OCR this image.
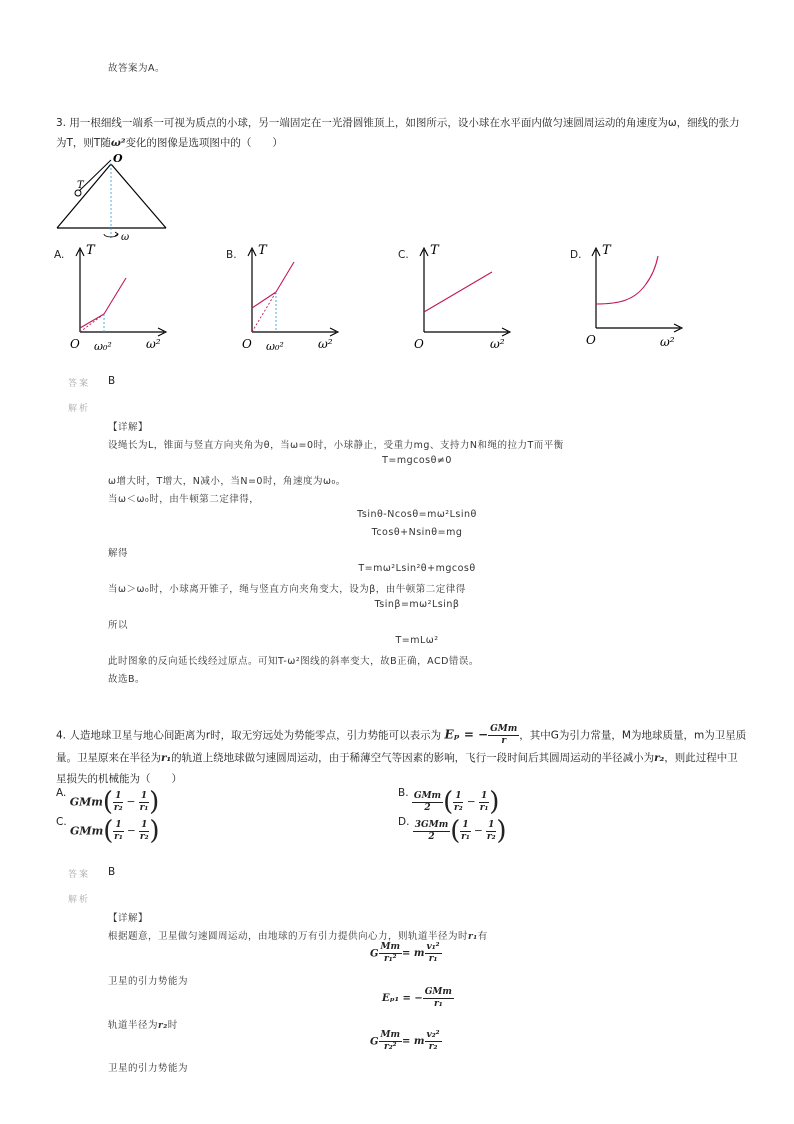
故答案为A。
3. 用一根细线一端系一可视为质点的小球，另一端固定在一光滑圆锥顶上，如图所示，设小球在水平面内做匀速圆周运动的角速度为ω，细线的张力
为T，则T随ω²变化的图像是选项图中的（　　）
O
T
ω
A. T
O ω₀²	ω²
B. T
O ω₀²	ω²
C. T
O	ω²
D. T
O	ω²
答案 B
解析
【详解】
设绳长为L，锥面与竖直方向夹角为θ，当ω=0时，小球静止，受重力mg、支持力N和绳的拉力T而平衡
T=mgcosθ≠0
ω增大时，T增大，N减小，当N=0时，角速度为ω₀。
当ω＜ω₀时，由牛顿第二定律得，
Tsinθ-Ncosθ=mω²Lsinθ
Tcosθ+Nsinθ=mg
解得
T=mω²Lsin²θ+mgcosθ
当ω＞ω₀时，小球离开锥子，绳与竖直方向夹角变大，设为β，由牛顿第二定律得
Tsinβ=mω²Lsinβ
所以
T=mLω²
此时图象的反向延长线经过原点。可知T-ω²图线的斜率变大，故B正确，ACD错误。
故选B。
4. 人造地球卫星与地心间距离为r时，取无穷远处为势能零点，引力势能可以表示为 Eₚ = − $\frac{\text{GMm}}{r}$ ，其中G为引力常量，M为地球质量，m为卫星质
量。卫星原来在半径为r₁的轨道上绕地球做匀速圆周运动，由于稀薄空气等因素的影响，飞行一段时间后其圆周运动的半径减小为r₂，则此过程中卫
星损失的机械能为（　　）
A. $GMm( \frac{1}{\text{r₂}} - \frac{1}{\text{r₁}}$ )	B. $\frac{\text{GMm}}{2}$ ( $\frac{1}{\text{r₂}} - \frac{1}{\text{r₁}}$ )
C. $GMm( \frac{1}{\text{r₁}} - \frac{1}{\text{r₂}}$ )	D. $\frac{\text{3GMm}}{2}$ ( $\frac{1}{\text{r₁}} - \frac{1}{\text{r₂}}$ )
答案 B
解析
【详解】
根据题意，卫星做匀速圆周运动，由地球的万有引力提供向心力，则轨道半径为时r₁有
G $\frac{Mm}{\text{r₁²}} = m \frac{\text{v₁²}}{\text{r₁}}$
卫星的引力势能为
Eₚ₁ = − $\frac{\text{GMm}}{\text{r₁}}$
轨道半径为r₂时
G $\frac{Mm}{\text{r₂²}} = m \frac{\text{v₂²}}{\text{r₂}}$
卫星的引力势能为
